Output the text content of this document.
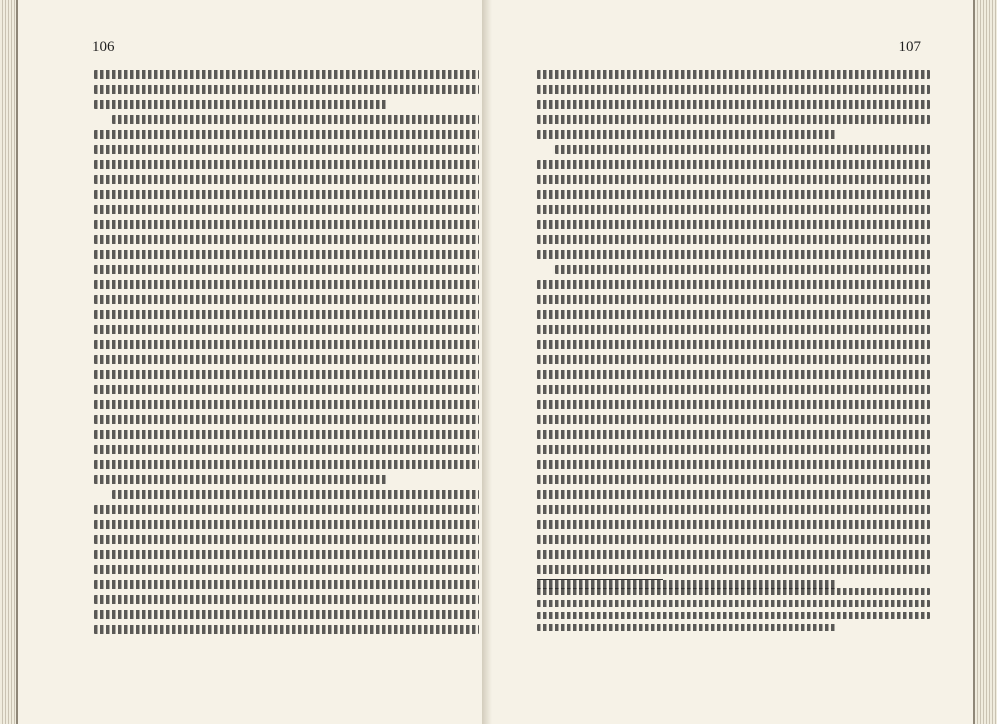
106	107
